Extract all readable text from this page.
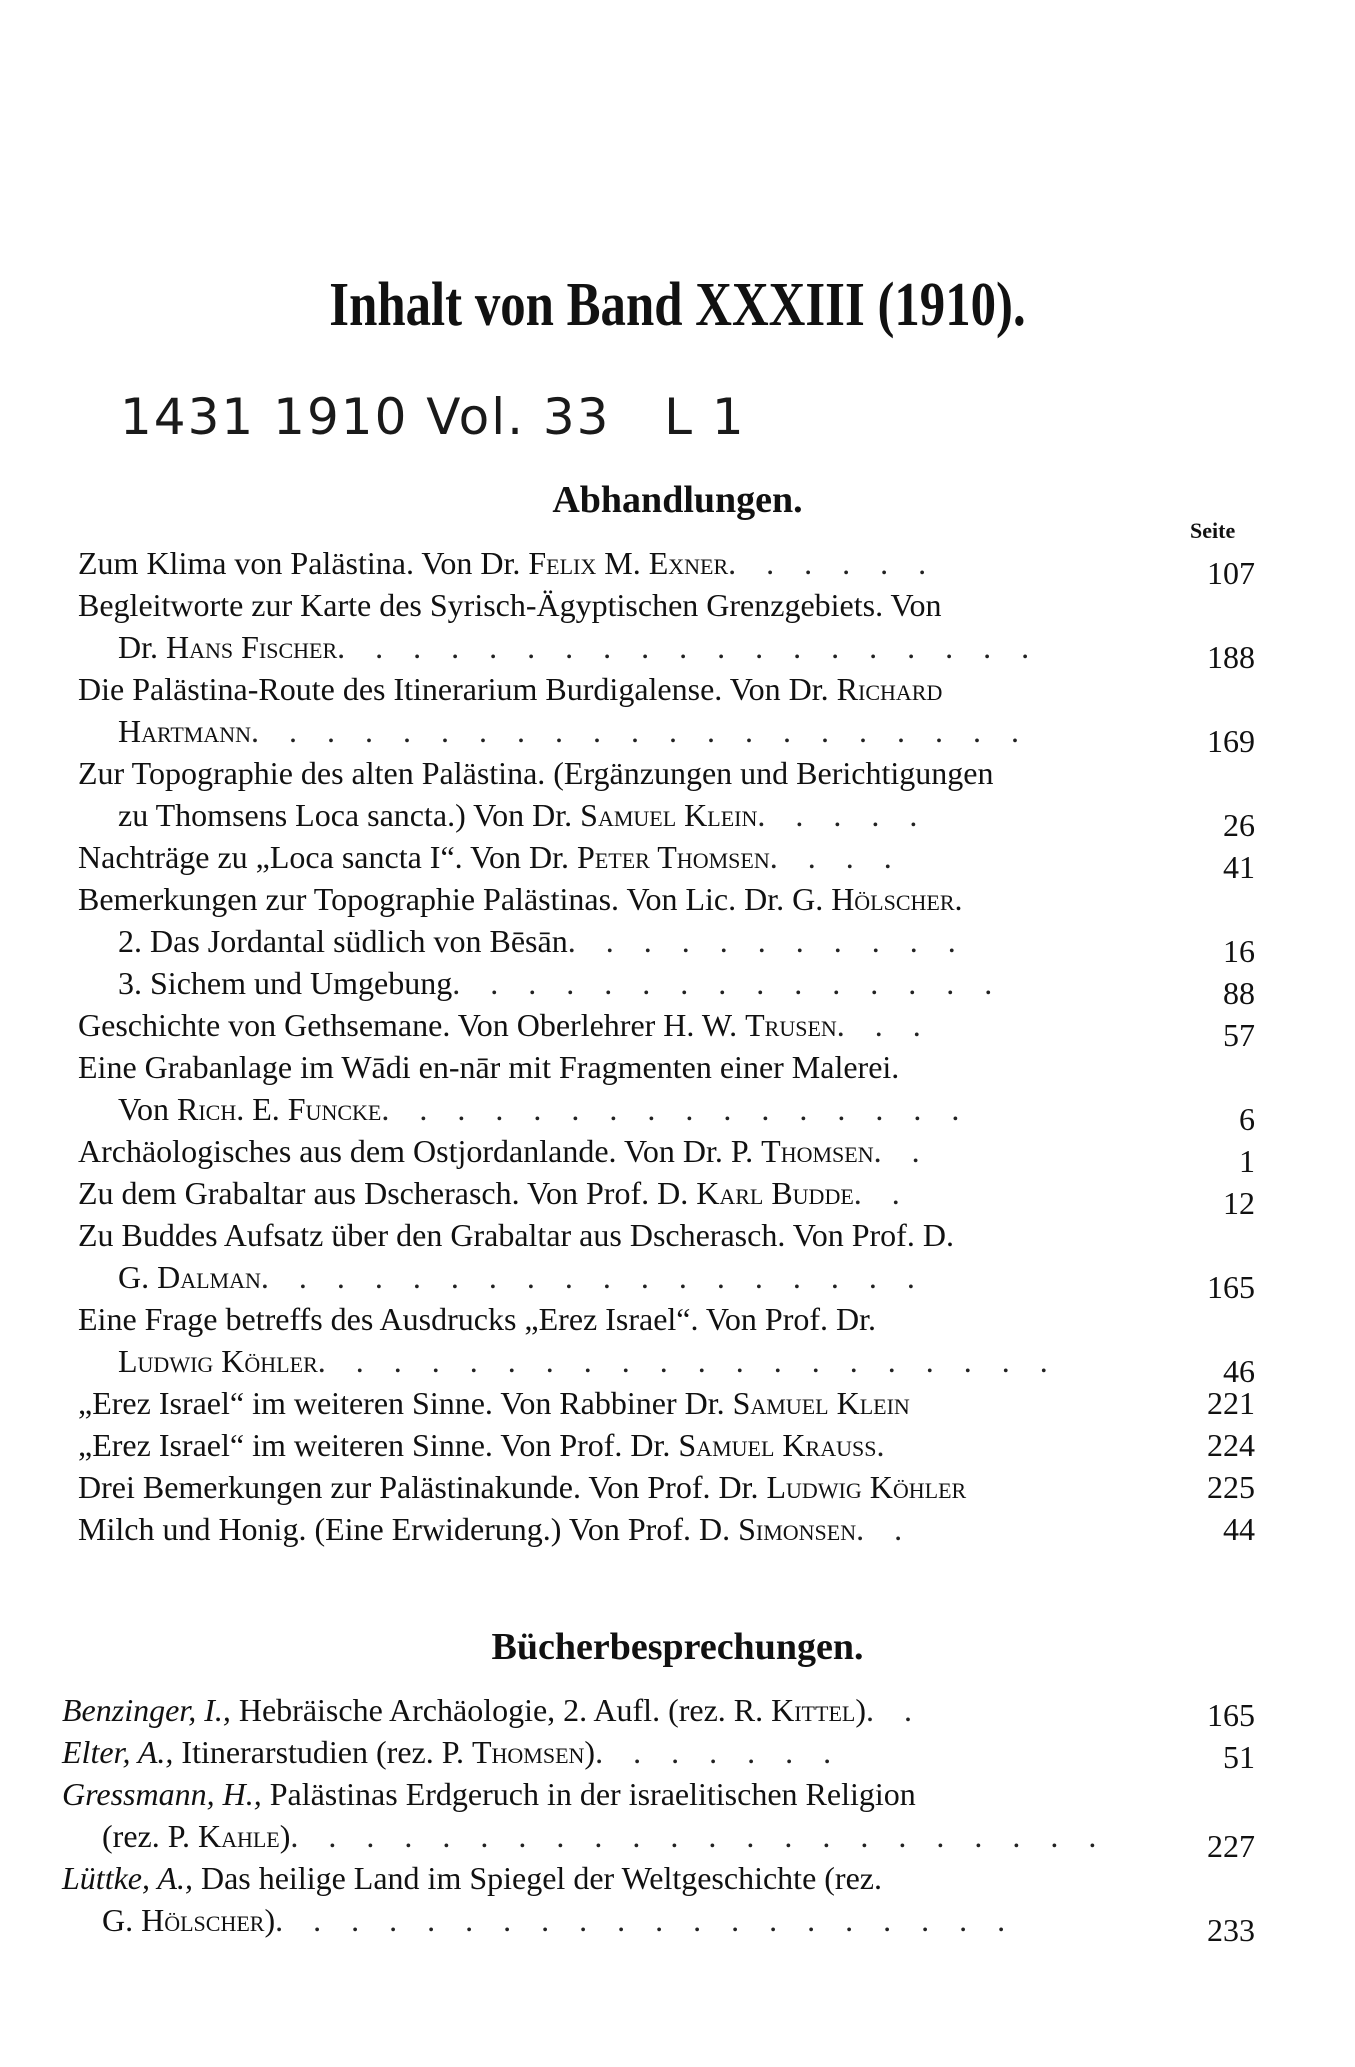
Inhalt von Band XXXIII (1910).
1431 1910 Vol. 33   L 1
Abhandlungen.
Seite
Zum Klima von Palästina. Von Dr. Felix M. Exner. . . . . .	107
Begleitworte zur Karte des Syrisch-Ägyptischen Grenzgebiets. Von
Dr. Hans Fischer. . . . . . . . . . . . . . . . . . .	188
Die Palästina-Route des Itinerarium Burdigalense. Von Dr. Richard
Hartmann. . . . . . . . . . . . . . . . . . . . .	169
Zur Topographie des alten Palästina. (Ergänzungen und Berichtigungen
zu Thomsens Loca sancta.) Von Dr. Samuel Klein. . . . .	26
Nachträge zu „Loca sancta I“. Von Dr. Peter Thomsen. . . .	41
Bemerkungen zur Topographie Palästinas. Von Lic. Dr. G. Hölscher.
2. Das Jordantal südlich von Bēsān. . . . . . . . . . .	16
3. Sichem und Umgebung. . . . . . . . . . . . . . .	88
Geschichte von Gethsemane. Von Oberlehrer H. W. Trusen. . .	57
Eine Grabanlage im Wādi en-nār mit Fragmenten einer Malerei.
Von Rich. E. Funcke. . . . . . . . . . . . . . . .	6
Archäologisches aus dem Ostjordanlande. Von Dr. P. Thomsen. .	1
Zu dem Grabaltar aus Dscherasch. Von Prof. D. Karl Budde. .	12
Zu Buddes Aufsatz über den Grabaltar aus Dscherasch. Von Prof. D.
G. Dalman. . . . . . . . . . . . . . . . . .	165
Eine Frage betreffs des Ausdrucks „Erez Israel“. Von Prof. Dr.
Ludwig Köhler. . . . . . . . . . . . . . . . . . . .	46
„Erez Israel“ im weiteren Sinne. Von Rabbiner Dr. Samuel Klein	221
„Erez Israel“ im weiteren Sinne. Von Prof. Dr. Samuel Krauss.	224
Drei Bemerkungen zur Palästinakunde. Von Prof. Dr. Ludwig Köhler	225
Milch und Honig. (Eine Erwiderung.) Von Prof. D. Simonsen. .	44
Bücherbesprechungen.
Benzinger, I., Hebräische Archäologie, 2. Aufl. (rez. R. Kittel). .	165
Elter, A., Itinerarstudien (rez. P. Thomsen). . . . . . .	51
Gressmann, H., Palästinas Erdgeruch in der israelitischen Religion
(rez. P. Kahle). . . . . . . . . . . . . . . . . . . . . .	227
Lüttke, A., Das heilige Land im Spiegel der Weltgeschichte (rez.
G. Hölscher). . . . . . . . . . . . . . . . . . . .	233
